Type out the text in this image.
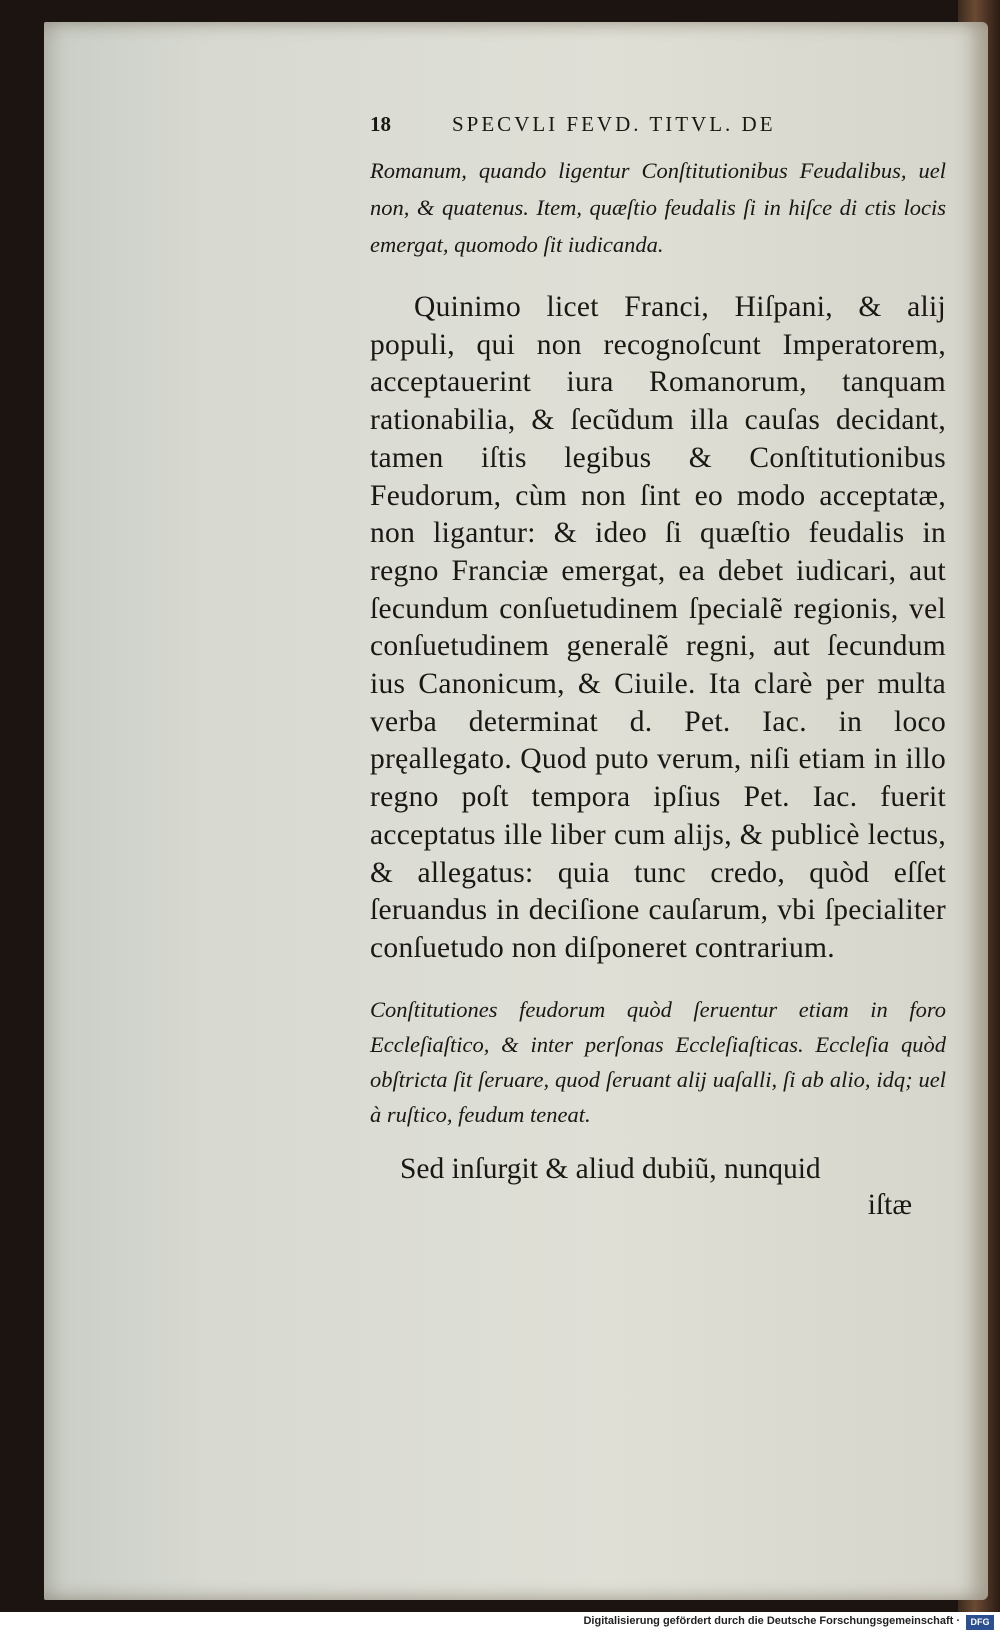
18	SPECVLI FEVD. TITVL. DE

Romanum, quando ligentur Conſtitutionibus Feudalibus, uel non, & quatenus. Item, quæſtio feudalis ſi in hiſce di ctis locis emergat, quomodo ſit iudicanda.

Quinimo licet Franci, Hiſpani, & alij populi, qui non recognoſcunt Imperatorem, acceptauerint iura Romanorum, tanquam rationabilia, & ſecũdum illa cauſas decidant, tamen iſtis legibus & Conſtitutionibus Feudorum, cùm non ſint eo modo acceptatæ, non ligantur: & ideo ſi quæſtio feudalis in regno Franciæ emergat, ea debet iudicari, aut ſecundum conſuetudinem ſpecialẽ regionis, vel conſuetudinem generalẽ regni, aut ſecundum ius Canonicum, & Ciuile. Ita clarè per multa verba determinat d. Pet. Iac. in loco pręallegato. Quod puto verum, niſi etiam in illo regno poſt tempora ipſius Pet. Iac. fuerit acceptatus ille liber cum alijs, & publicè lectus, & allegatus: quia tunc credo, quòd eſſet ſeruandus in deciſione cauſarum, vbi ſpecialiter conſuetudo non diſponeret contrarium.

Conſtitutiones feudorum quòd ſeruentur etiam in foro Eccleſiaſtico, & inter perſonas Eccleſiaſticas. Eccleſia quòd obſtricta ſit ſeruare, quod ſeruant alij uaſalli, ſi ab alio, idq; uel à ruſtico, feudum teneat.

Sed inſurgit & aliud dubiũ, nunquid

iſtæ

Digitalisierung gefördert durch die Deutsche Forschungsgemeinschaft ·	DFG
